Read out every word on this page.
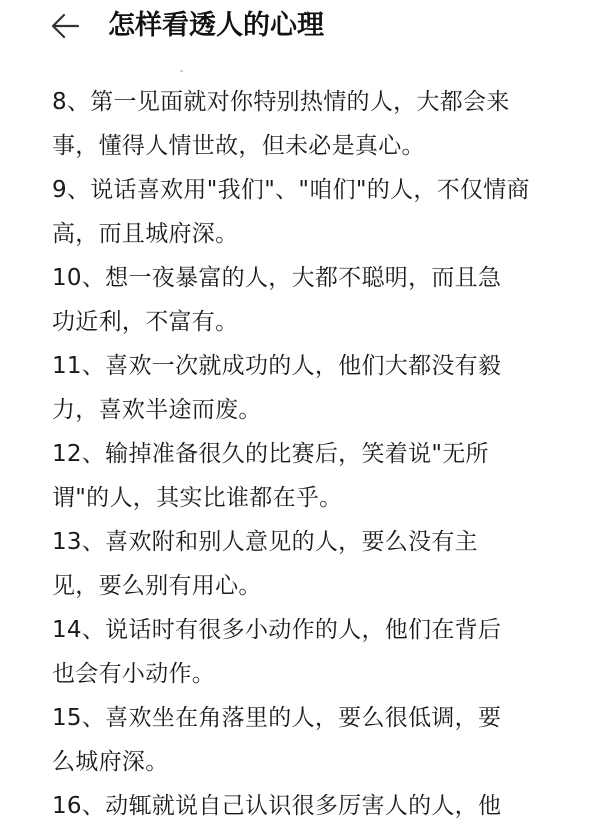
怎样看透人的心理
8、第一见面就对你特别热情的人，大都会来
事，懂得人情世故，但未必是真心。
9、说话喜欢用"我们"、"咱们"的人，不仅情商
高，而且城府深。
10、想一夜暴富的人，大都不聪明，而且急
功近利，不富有。
11、喜欢一次就成功的人，他们大都没有毅
力，喜欢半途而废。
12、输掉准备很久的比赛后，笑着说"无所
谓"的人，其实比谁都在乎。
13、喜欢附和别人意见的人，要么没有主
见，要么别有用心。
14、说话时有很多小动作的人，他们在背后
也会有小动作。
15、喜欢坐在角落里的人，要么很低调，要
么城府深。
16、动辄就说自己认识很多厉害人的人，他
